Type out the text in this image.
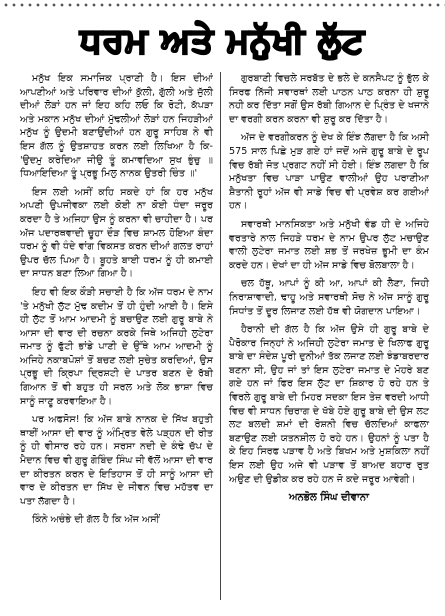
ਧਰਮ ਅਤੇ ਮਨੁੱਖੀ ਲੁੱਟ

ਮਨੁੱਖ ਇਕ ਸਮਾਜਿਕ ਪ੍ਰਾਣੀ ਹੈ। ਇਸ ਦੀਆਂ ਆਪਣੀਆਂ ਅਤੇ ਪਰਿਵਾਰ ਦੀਆਂ ਕੁੱਲੀ, ਗੁੱਲੀ ਅਤੇ ਜੁੱਲੀ ਦੀਆਂ ਲੋੜਾਂ ਹਨ ਜਾਂ ਇਹ ਕਹਿ ਲਓ ਕਿ ਰੋਟੀ, ਕੱਪੜਾ ਅਤੇ ਮਕਾਨ ਮਨੁੱਖ ਦੀਆਂ ਮੁੱਢਲੀਆਂ ਲੋੜਾਂ ਹਨ ਜਿਹੜੀਆਂ ਮਨੁੱਖ ਨੂੰ ਉਦਮੀ ਬਣਾਉਂਦੀਆਂ ਹਨ ਗੁਰੂ ਸਾਹਿਬ ਨੇ ਵੀ ਇਸ ਗੱਲ ਨੂੰ ਉਤਸ਼ਾਹਤ ਕਰਨ ਲਈ ਲਿਖਿਆ ਹੈ ਕਿ- 'ਉਦਮੁ ਕਰੇਦਿਆ ਜੀਉ ਤੂੰ ਕਮਾਵਦਿਆ ਸੁਖ ਭੁੰਚੁ ॥ ਧਿਆਇਦਿਆ ਤੂੰ ਪ੍ਰਭੂ ਮਿਲੁ ਨਾਨਕ ਉਤਰੀ ਚਿੰਤ ॥'

ਇਸ ਲਈ ਅਸੀਂ ਕਹਿ ਸਕਦੇ ਹਾਂ ਕਿ ਹਰ ਮਨੁੱਖ ਅਪਣੀ ਉਪਜੀਵਕਾ ਲਈ ਕੋਈ ਨਾ ਕੋਈ ਧੰਦਾ ਜਰੂਰ ਕਰਦਾ ਹੈ ਤੇ ਅਜਿਹਾ ਉਸ ਨੂੰ ਕਰਨਾ ਵੀ ਚਾਹੀਦਾ ਹੈ। ਪਰ ਅੱਜ ਪਦਾਰਥਵਾਦੀ ਚੂਹਾ ਦੌੜ ਵਿਚ ਸ਼ਾਮਲ ਹੋਇਆ ਬੰਦਾ ਧਰਮ ਨੂੰ ਵੀ ਧੰਦੇ ਵਾਂਗ ਵਿਕਸਤ ਕਰਨ ਦੀਆਂ ਗਲਤ ਰਾਹਾਂ ਉਪਰ ਚੱਲ ਪਿਆ ਹੈ। ਬੂਹਤੇ ਬਾਈ ਧਰਮ ਨੂੰ ਹੀ ਕਮਾਈ ਦਾ ਸਾਧਨ ਬਣਾ ਲਿਆ ਗਿਆ ਹੈ।

ਇਹ ਵੀ ਇਕ ਕੌੜੀ ਸਚਾਈ ਹੈ ਕਿ ਅੱਜ ਧਰਮ ਦੇ ਨਾਮ 'ਤੇ ਮਨੁੱਖੀ ਲੁੱਟ ਮੁੱਢ ਕਦੀਮ ਤੋਂ ਹੀ ਹੁੰਦੀ ਆਈ ਹੈ। ਇਸੇ ਹੀ ਲੁੱਟ ਤੋਂ ਆਮ ਆਦਮੀ ਨੂੰ ਬਚਾਉਣ ਲਈ ਗੁਰੂ ਬਾਬੇ ਨੇ ਆਸਾ ਦੀ ਵਾਰ ਦੀ ਰਚਨਾ ਕਰਕੇ ਜਿਥੇ ਅਜਿਹੀ ਲੁਟੇਰਾ ਜਮਾਤ ਨੂੰ ਫੁੱਟੀ ਭਾਂਡੇ ਪਾਣੀ ਦੇ ਉੱਥੇ ਆਮ ਆਦਮੀ ਨੂੰ ਅਜਿਹੇ ਨਕਾਬਪੋਸ਼ਾਂ ਤੋਂ ਬਚਣ ਲਈ ਸੁਚੇਤ ਕਰਦਿਆਂ, ਉਸ ਪ੍ਰਭੂ ਦੀ ਕ੍ਰਿਪਾ ਦ੍ਰਿਸ਼ਟੀ ਦੇ ਪਾਤਰ ਬਣਨ ਦੇ ਰੱਬੀ ਗਿਆਨ ਤੋਂ ਵੀ ਬਹੁਤ ਹੀ ਸਰਲ ਅਤੇ ਲੋਕ ਭਾਸ਼ਾ ਵਿਚ ਸਾਨੂੰ ਜਾਣੂ ਕਰਵਾਇਆ ਹੈ।

ਪਰ ਅਫਸੋਸ! ਕਿ ਅੱਜ ਬਾਬੇ ਨਾਨਕ ਦੇ ਸਿੱਖ ਬਹੁਤੀ ਥਾਈਂ ਆਸਾ ਦੀ ਵਾਰ ਨੂੰ ਅੰਮ੍ਰਿਤ ਵੇਲੇ ਪੜ੍ਹਨ ਦੀ ਰੀਤ ਨੂੰ ਹੀ ਵੀਸਾਰ ਰਹੇ ਹਨ। ਸਰਸਾ ਨਦੀ ਦੇ ਕੰਢੇ ਚੱਪ ਦੇ ਮੈਦਾਨ ਵਿਚ ਵੀ ਗੁਰੂ ਗੋਬਿੰਦ ਸਿੰਘ ਜੀ ਵੱਲੋਂ ਆਸਾ ਦੀ ਵਾਰ ਦਾ ਕੀਰਤਨ ਕਰਨ ਦੇ ਇਤਿਹਾਸ ਤੋਂ ਹੀ ਸਾਨੂੰ ਆਸਾ ਦੀ ਵਾਰ ਦੇ ਕੀਰਤਨ ਦਾ ਸਿੱਖ ਦੇ ਜੀਵਨ ਵਿਚ ਮਹੱਤਵ ਦਾ ਪਤਾ ਲੱਗਦਾ ਹੈ।

ਕਿੰਨੇ ਅਚੰਭੇ ਦੀ ਗੱਲ ਹੈ ਕਿ ਅੱਜ ਅਸੀਂ

ਗੁਰਬਾਣੀ ਵਿਚਲੇ ਸਰਬੱਤ ਦੇ ਭਲੇ ਦੇ ਕਨਸੈਪਟ ਨੂੰ ਭੁੱਲ ਕੇ ਸਿਰਫ ਨਿੱਜੀ ਸਵਾਰਥਾਂ ਲਈ ਪਾਠਨ ਪਾਠ ਕਰਨਾ ਹੀ ਸ਼ੁਰੂ ਨਹੀ ਕਰ ਦਿੱਤਾ ਸਗੋਂ ਉਸ ਰੱਬੀ ਗਿਆਨ ਦੇ ਪ੍ਰਿੰਤ ਦੇ ਖਜਾਨੇ ਦਾ ਵਰਗੀ ਕਰਨ ਕਰਨਾ ਵੀ ਸ਼ੁਰੂ ਕਰ ਦਿੱਤਾ ਹੈ।

ਅੱਜ ਦੇ ਵਰਗੀਕਰਨ ਨੂੰ ਦੇਖ ਕੇ ਇੰਝ ਲੱਗਦਾ ਹੈ ਕਿ ਅਸੀ 575 ਸਾਲ ਪਿਛੇ ਮੁੜ ਗਏ ਹਾਂ ਜਦੋਂ ਅਜੇ ਗੁਰੂ ਬਾਬੇ ਦੇ ਰੂਪ ਵਿਚ ਰੱਬੀ ਜੋਤ ਪ੍ਰਗਟ ਨਹੀਂ ਸੀ ਹੋਈ। ਇੰਝ ਲਗਦਾ ਹੈ ਕਿ ਮਨੁੱਖਤਾ ਵਿਚ ਪਾੜਾ ਪਾਉਣ ਵਾਲੀਆਂ ਉਹ ਪਰਾਣੀਆ ਸ਼ੈਤਾਨੀ ਰੂਹਾਂ ਅੱਜ ਵੀ ਸਾਡੇ ਵਿਚ ਵੀ ਪ੍ਰਵੇਸ਼ ਕਰ ਗਈਆਂ ਹਨ।

ਸਵਾਰਥੀ ਮਾਨਸਿਕਤਾ ਅਤੇ ਮਨੁੱਖੀ ਵੰਡ ਹੀ ਦੇ ਅਜਿਹੇ ਵਰਤਾਰੇ ਨਾਲ ਜਿਹੜੇ ਧਰਮ ਦੇ ਨਾਮ ਉਪਰ ਲੁੱਟ ਮਚਾਉਣ ਵਾਲੀ ਲੁਟੇਰਾ ਜਮਾਤ ਲਈ ਸ਼ਭ ਤੋਂ ਜਰਖੇਜ਼ ਭੂਮੀ ਦਾ ਕੰਮ ਕਰਦੇ ਹਨ। ਦੇਖਾਂ ਦਾ ਹੀ ਅੱਜ ਸਾਡੇ ਵਿਚ ਬੋਲਬਾਲਾ ਹੈ।

ਚਲ ਹੱਥੂ, ਆਪਾਂ ਨੂੰ ਕੀ ਆ, ਆਪਾਂ ਕੀ ਲੈਣਾ, ਜਿਹੀ ਨਿਰਾਸ਼ਾਵਾਦੀ, ਢਾਹੂ ਅਤੇ ਸਵਾਰਥੀ ਸੋਚ ਨੇ ਅੱਜ ਸਾਨੂੰ ਗੁਰੂ ਸਿਧਾਂਤ ਤੋਂ ਦੂਰ ਲਿਜਾਣ ਲਈ ਹੱਥ ਵੀ ਯੋਗਦਾਨ ਪਾਇਆ।

ਹੈਰਾਨੀ ਦੀ ਗੱਲ ਹੈ ਕਿ ਅੱਜ ਉਸੇ ਹੀ ਗੁਰੂ ਬਾਬੇ ਦੇ ਪੈਰੋਕਾਰ ਜਿਨ੍ਹਾਂ ਨੇ ਅਜਿਹੀ ਲੁਟੇਰਾ ਜਮਾਤ ਦੇ ਖਿਲਾਫ ਗੁਰੂ ਬਾਬੇ ਦਾ ਸੰਦੇਸ਼ ਪੂਰੀ ਦੁਨੀਆਂ ਤੱਕ ਲਜਾਣ ਲਈ ਝੰਡਾਬਰਦਾਰ ਬਣਨਾ ਸੀ, ਉਹ ਜਾਂ ਤਾਂ ਇਸ ਲੁਟੇਰਾ ਜਮਾਤ ਦੇ ਮੋਹਰੇ ਬਣ ਗਏ ਹਨ ਜਾਂ ਫਿਰ ਇਸ ਲੁੱਟ ਦਾ ਸ਼ਿਕਾਰ ਹੋ ਰਹੇ ਹਨ ਤੇ ਵਿਰਲੇ ਗੁਰੂ ਬਾਬੇ ਦੀ ਮਿਹਰ ਸਦਕਾ ਇਸ ਤੇਜ਼ ਵਰਦੀ ਆਧੀ ਵਿਚ ਵੀ ਸਾਧਨ ਚਿਰਾਗ ਦੇ ਖੱਬੇ ਹੋਏ ਗੁਰੂ ਬਾਬੇ ਦੀ ਉਸ ਲਟ ਲਟ ਬਲਦੀ ਸ਼ਮਾਂ ਦੀ ਰੋਸ਼ਨੀ ਵਿਚ ਚੱਲਦਿਆਂ ਕਾਫਲਾ ਬਣਾਉਣ ਲਈ ਯਤਨਸ਼ੀਲ ਹੋ ਰਹੇ ਹਨ। ਉਹਨਾਂ ਨੂੰ ਪਤਾ ਹੈ ਕੇ ਇਹ ਸਿਰਫ ਪੜਾਵ ਹੈ ਅਤੇ ਬਿਖਮ ਅਤੇ ਮੁਸ਼ਕਿਲਾ ਨਹੀਂ ਇਸ ਲਈ ਉਹ ਅਜੇ ਵੀ ਪੜਾਵ ਤੋਂ ਬਾਅਦ ਬਹਾਰ ਰੁਤ ਅਉਣ ਦੀ ਉਡੀਕ ਕਰ ਰਹੇ ਹਨ ਜੋ ਕਦੇ ਜਰੂਰ ਆਵੇਗੀ।

ਅਨਭੋਲ ਸਿੰਘ ਦੀਵਾਨਾ
